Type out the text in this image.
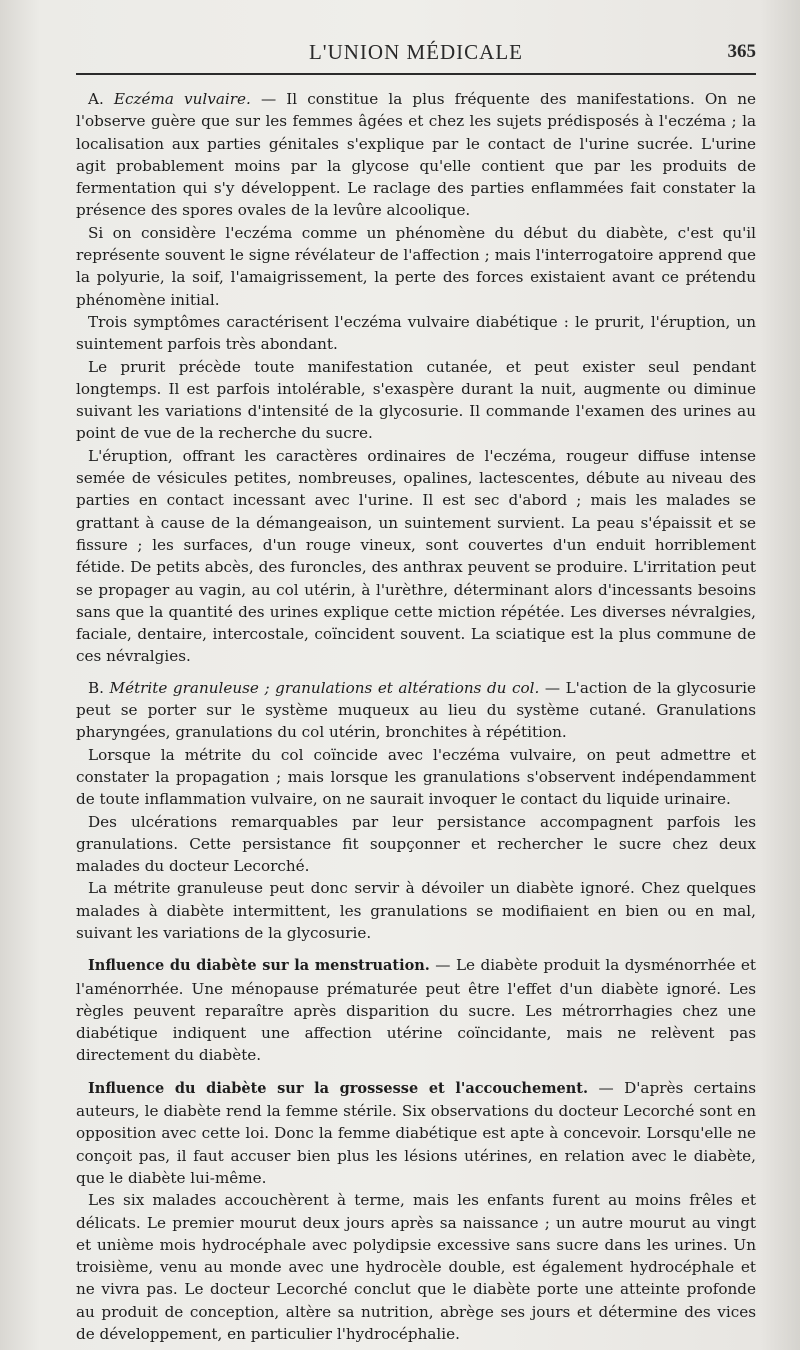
L'UNION MÉDICALE	365

A. Eczéma vulvaire. — Il constitue la plus fréquente des manifestations. On ne l'observe guère que sur les femmes âgées et chez les sujets prédisposés à l'eczéma ; la localisation aux parties génitales s'explique par le contact de l'urine sucrée. L'urine agit probablement moins par la glycose qu'elle contient que par les produits de fermentation qui s'y développent. Le raclage des parties enflammées fait constater la présence des spores ovales de la levûre alcoolique.

Si on considère l'eczéma comme un phénomène du début du diabète, c'est qu'il représente souvent le signe révélateur de l'affection ; mais l'interrogatoire apprend que la polyurie, la soif, l'amaigrissement, la perte des forces existaient avant ce prétendu phénomène initial.

Trois symptômes caractérisent l'eczéma vulvaire diabétique : le prurit, l'éruption, un suintement parfois très abondant.

Le prurit précède toute manifestation cutanée, et peut exister seul pendant longtemps. Il est parfois intolérable, s'exaspère durant la nuit, augmente ou diminue suivant les variations d'intensité de la glycosurie. Il commande l'examen des urines au point de vue de la recherche du sucre.

L'éruption, offrant les caractères ordinaires de l'eczéma, rougeur diffuse intense semée de vésicules petites, nombreuses, opalines, lactescentes, débute au niveau des parties en contact incessant avec l'urine. Il est sec d'abord ; mais les malades se grattant à cause de la démangeaison, un suintement survient. La peau s'épaissit et se fissure ; les surfaces, d'un rouge vineux, sont couvertes d'un enduit horriblement fétide. De petits abcès, des furoncles, des anthrax peuvent se produire. L'irritation peut se propager au vagin, au col utérin, à l'urèthre, déterminant alors d'incessants besoins sans que la quantité des urines explique cette miction répétée. Les diverses névralgies, faciale, dentaire, intercostale, coïncident souvent. La sciatique est la plus commune de ces névralgies.

B. Métrite granuleuse ; granulations et altérations du col. — L'action de la glycosurie peut se porter sur le système muqueux au lieu du système cutané. Granulations pharyngées, granulations du col utérin, bronchites à répétition.

Lorsque la métrite du col coïncide avec l'eczéma vulvaire, on peut admettre et constater la propagation ; mais lorsque les granulations s'observent indépendamment de toute inflammation vulvaire, on ne saurait invoquer le contact du liquide urinaire.

Des ulcérations remarquables par leur persistance accompagnent parfois les granulations. Cette persistance fit soupçonner et rechercher le sucre chez deux malades du docteur Lecorché.

La métrite granuleuse peut donc servir à dévoiler un diabète ignoré. Chez quelques malades à diabète intermittent, les granulations se modifiaient en bien ou en mal, suivant les variations de la glycosurie.

Influence du diabète sur la menstruation. — Le diabète produit la dysménorrhée et l'aménorrhée. Une ménopause prématurée peut être l'effet d'un diabète ignoré. Les règles peuvent reparaître après disparition du sucre. Les métrorrhagies chez une diabétique indiquent une affection utérine coïncidante, mais ne relèvent pas directement du diabète.

Influence du diabète sur la grossesse et l'accouchement. — D'après certains auteurs, le diabète rend la femme stérile. Six observations du docteur Lecorché sont en opposition avec cette loi. Donc la femme diabétique est apte à concevoir. Lorsqu'elle ne conçoit pas, il faut accuser bien plus les lésions utérines, en relation avec le diabète, que le diabète lui-même.

Les six malades accouchèrent à terme, mais les enfants furent au moins frêles et délicats. Le premier mourut deux jours après sa naissance ; un autre mourut au vingt et unième mois hydrocéphale avec polydipsie excessive sans sucre dans les urines. Un troisième, venu au monde avec une hydrocèle double, est également hydrocéphale et ne vivra pas. Le docteur Lecorché conclut que le diabète porte une atteinte profonde au produit de conception, altère sa nutrition, abrège ses jours et détermine des vices de développement, en particulier l'hydrocéphalie.
